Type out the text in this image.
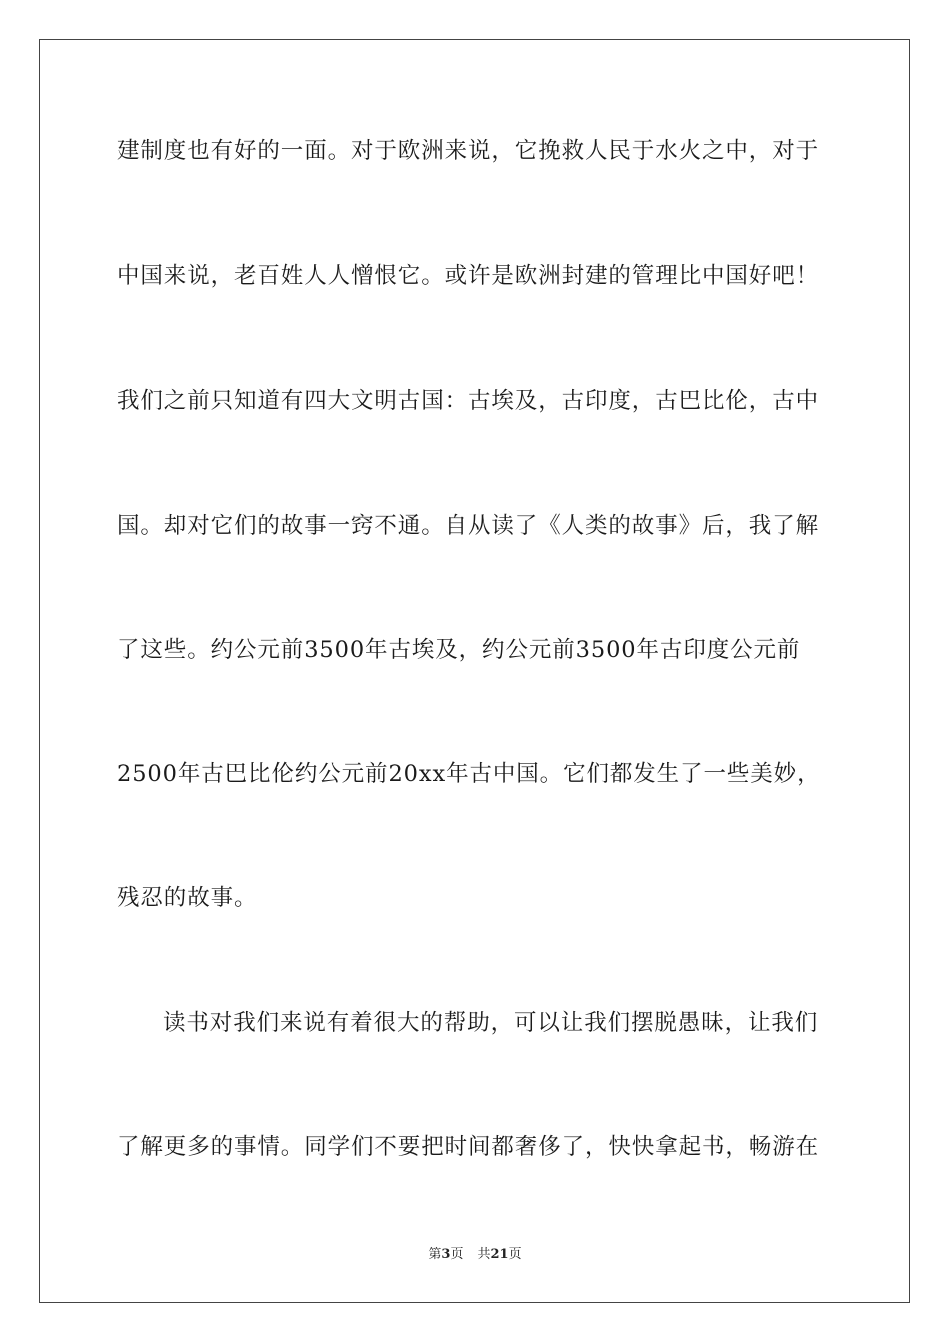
建制度也有好的一面。对于欧洲来说，它挽救人民于水火之中，对于
中国来说，老百姓人人憎恨它。或许是欧洲封建的管理比中国好吧！
我们之前只知道有四大文明古国：古埃及，古印度，古巴比伦，古中
国。却对它们的故事一窍不通。自从读了《人类的故事》后，我了解
了这些。约公元前3500年古埃及，约公元前3500年古印度公元前
2500年古巴比伦约公元前20xx年古中国。它们都发生了一些美妙，
残忍的故事。
读书对我们来说有着很大的帮助，可以让我们摆脱愚昧，让我们
了解更多的事情。同学们不要把时间都奢侈了，快快拿起书，畅游在
第3页 共21页
